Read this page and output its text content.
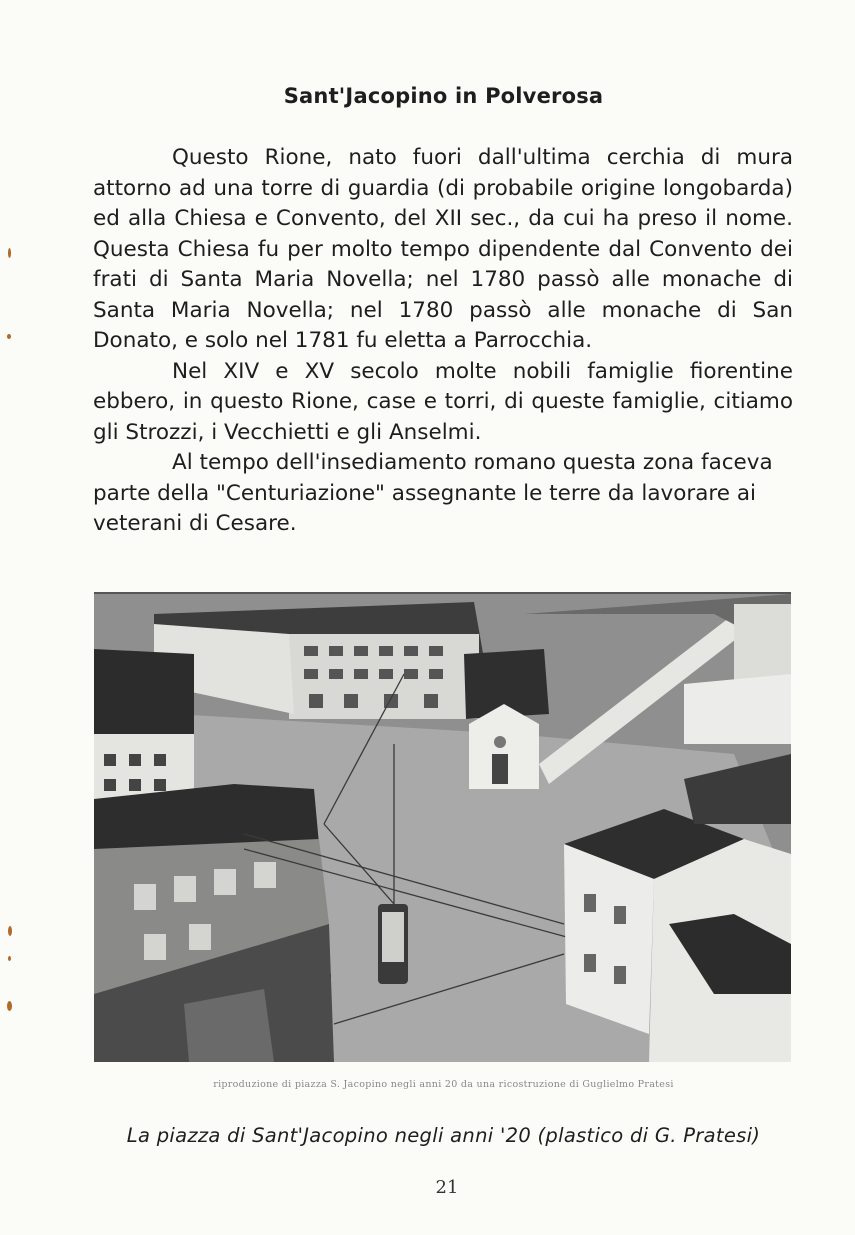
Sant'Jacopino in Polverosa

Questo Rione, nato fuori dall'ultima cerchia di mura attorno ad una torre di guardia (di probabile origine longobarda) ed alla Chiesa e Convento, del XII sec., da cui ha preso il nome. Questa Chiesa fu per molto tempo dipendente dal Convento dei frati di Santa Maria Novella; nel 1780 passò alle monache di Santa Maria Novella; nel 1780 passò alle monache di San Donato, e solo nel 1781 fu eletta a Parrocchia.

Nel XIV e XV secolo molte nobili famiglie fiorentine ebbero, in questo Rione, case e torri, di queste famiglie, citiamo gli Strozzi, i Vecchietti e gli Anselmi.

Al tempo dell'insediamento romano questa zona faceva parte della "Centuriazione" assegnante le terre da lavorare ai veterani di Cesare.

riproduzione di piazza S. Jacopino negli anni 20 da una ricostruzione di Guglielmo Pratesi
La piazza di Sant'Jacopino negli anni '20 (plastico di G. Pratesi)
21
